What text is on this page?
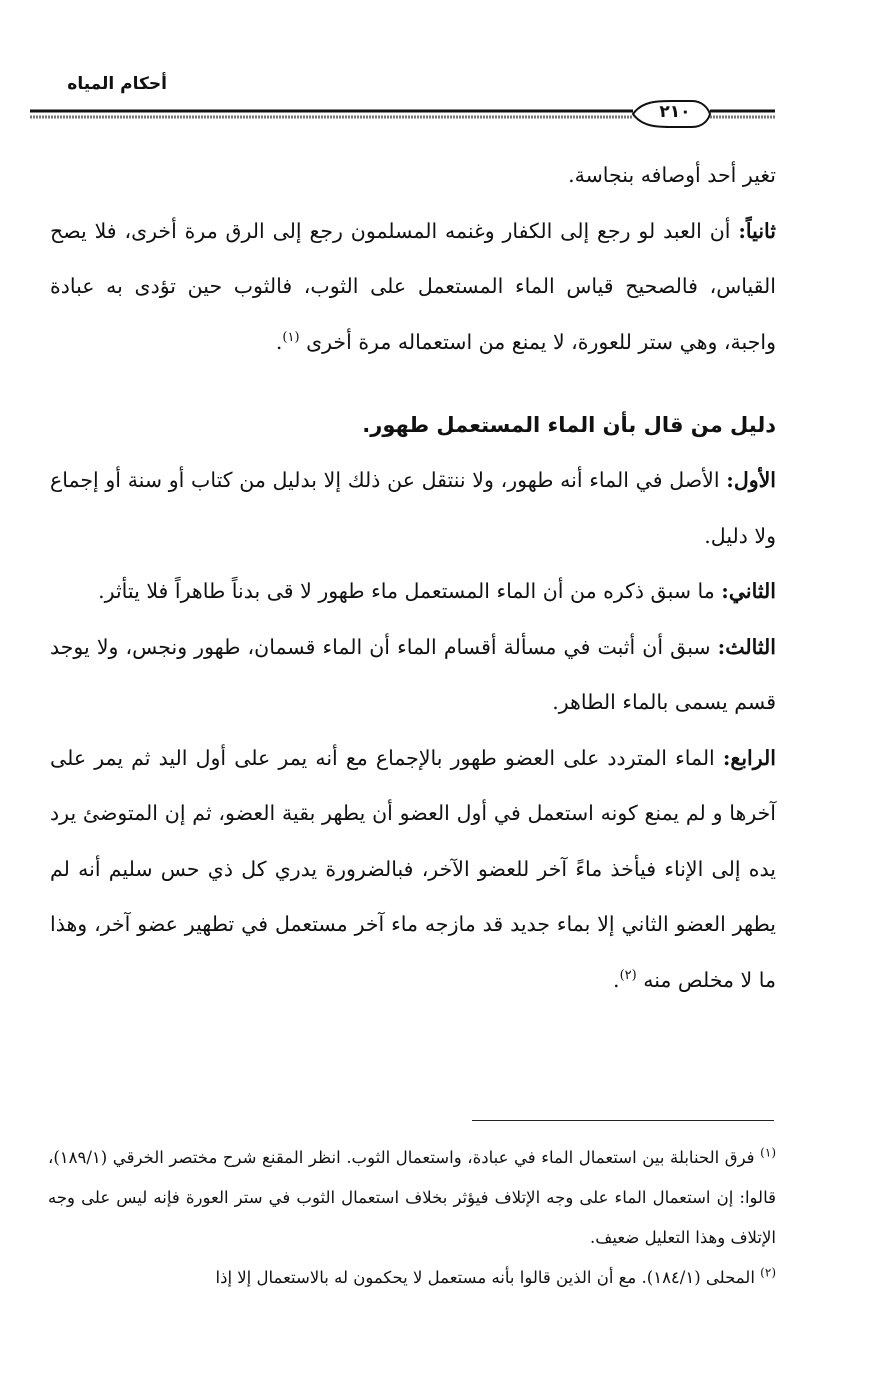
أحكام المياه
٢١٠

تغير أحد أوصافه بنجاسة.

ثانياً: أن العبد لو رجع إلى الكفار وغنمه المسلمون رجع إلى الرق مرة أخرى، فلا يصح القياس، فالصحيح قياس الماء المستعمل على الثوب، فالثوب حين تؤدى به عبادة واجبة، وهي ستر للعورة، لا يمنع من استعماله مرة أخرى $^{(١)}$.

دليل من قال بأن الماء المستعمل طهور.

الأول: الأصل في الماء أنه طهور، ولا ننتقل عن ذلك إلا بدليل من كتاب أو سنة أو إجماع ولا دليل.

الثاني: ما سبق ذكره من أن الماء المستعمل ماء طهور لا قى بدناً طاهراً فلا يتأثر.

الثالث: سبق أن أثبت في مسألة أقسام الماء أن الماء قسمان، طهور ونجس، ولا يوجد قسم يسمى بالماء الطاهر.

الرابع: الماء المتردد على العضو طهور بالإجماع مع أنه يمر على أول اليد ثم يمر على آخرها و لم يمنع كونه استعمل في أول العضو أن يطهر بقية العضو، ثم إن المتوضئ يرد يده إلى الإناء فيأخذ ماءً آخر للعضو الآخر، فبالضرورة يدري كل ذي حس سليم أنه لم يطهر العضو الثاني إلا بماء جديد قد مازجه ماء آخر مستعمل في تطهير عضو آخر، وهذا ما لا مخلص منه $^{(٢)}$.

$^{(١)}$ فرق الحنابلة بين استعمال الماء في عبادة، واستعمال الثوب. انظر المقنع شرح مختصر الخرقي (١٨٩/١)، قالوا: إن استعمال الماء على وجه الإتلاف فيؤثر بخلاف استعمال الثوب في ستر العورة فإنه ليس على وجه الإتلاف وهذا التعليل ضعيف.

$^{(٢)}$ المحلى (١٨٤/١). مع أن الذين قالوا بأنه مستعمل لا يحكمون له بالاستعمال إلا إذا
